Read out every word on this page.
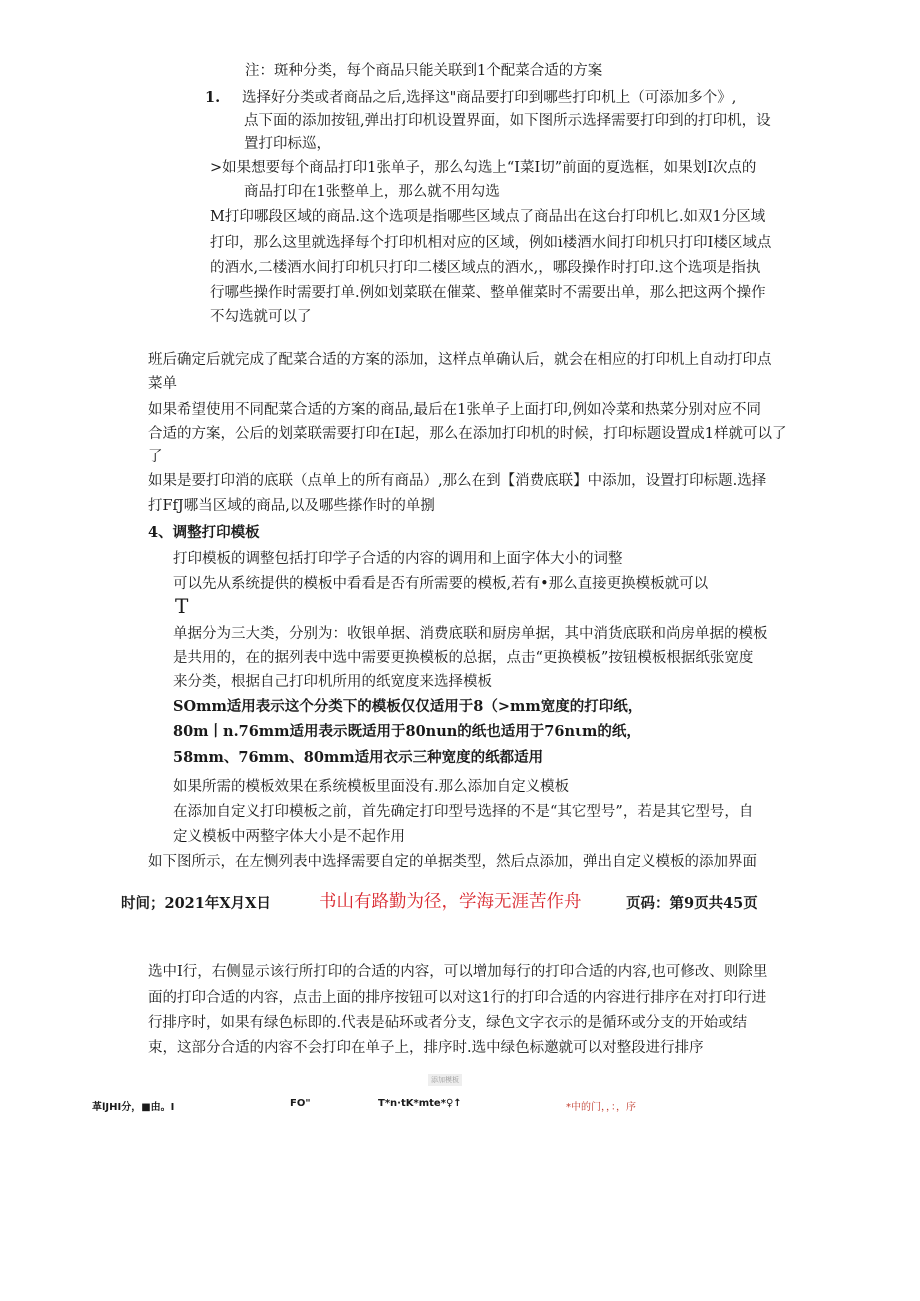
注：斑种分类，每个商品只能关联到1个配菜合适的方案
1. 选择好分类或者商品之后,选择这"商品要打印到哪些打印机上（可添加多个》,
点下面的添加按钮,弹出打印机设置界面，如下图所示选择需要打印到的打印机，设
置打印标巡，
>如果想要每个商品打印1张单子，那么勾选上“I菜I切”前面的夏选框，如果划I次点的
商品打印在1张整单上，那么就不用勾选
M打印哪段区域的商品.这个选项是指哪些区域点了商品出在这台打印机匕.如双1分区域
打印，那么这里就选择每个打印机相对应的区域，例如i楼酒水间打印机只打印I楼区域点
的酒水,二楼酒水间打印机只打印二楼区域点的酒水,，哪段操作时打印.这个选项是指执
行哪些操作时需要打单.例如划菜联在催菜、整单催菜时不需要出单，那么把这两个操作
不勾选就可以了
班后确定后就完成了配菜合适的方案的添加，这样点单确认后，就会在相应的打印机上自动打印点
菜单
如果希望使用不同配菜合适的方案的商品,最后在1张单子上面打印,例如冷菜和热菜分别对应不同
合适的方案，公后的划菜联需要打印在I起，那么在添加打印机的时候，打印标题设置成1样就可以了
了
如果是要打印消的底联（点单上的所有商品）,那么在到【消费底联】中添加，设置打印标题.选择
打FfJ哪当区域的商品,以及哪些搽作时的单捌
4、调整打印模板
打印模板的调整包括打印学子合适的内容的调用和上面字体大小的词整
可以先从系统提供的模板中看看是否有所需要的模板,若有•那么直接更换模板就可以
T
单据分为三大类，分别为：收银单据、消费底联和厨房单据，其中消货底联和尚房单据的模板
是共用的，在的据列表中选中需要更换模板的总据，点击“更换模板”按钮模板根据纸张宽度
来分类，根据自己打印机所用的纸宽度来选择模板
SOmm适用表示这个分类下的模板仅仅适用于8（>mm宽度的打印纸，
80m丨n.76mm适用表示既适用于80nun的纸也适用于76nιm的纸，
58mm、76mm、80mm适用衣示三种宽度的纸都适用
如果所需的模板效果在系统模板里面没有.那么添加自定义模板
在添加自定义打印模板之前，首先确定打印型号选择的不是“其它型号”，若是其它型号，自
定义模板中两整字体大小是不起作用
如下图所示，在左恻列表中选择需要自定的单据类型，然后点添加，弹出自定义模板的添加界面
时间；2021年X月X日	书山有路勤为径，学海无涯苦作舟	页码：第9页共45页
选中I行，右侧显示该行所打印的合适的内容，可以增加每行的打印合适的内容,也可修改、则除里
面的打印合适的内容，点击上面的排序按钮可以对这1行的打印合适的内容进行排序在对打印行进
行排序时，如果有绿色标即的.代表是砧环或者分支，绿色文字衣示的是循环或分支的开始或结
束，这部分合适的内容不会打印在单子上，排序时.选中绿色标邀就可以对整段进行排序
添加模板
革lJHI分，■由。I	FO"	T*n·tK*mte*♀↑	*中的门，，：，序
